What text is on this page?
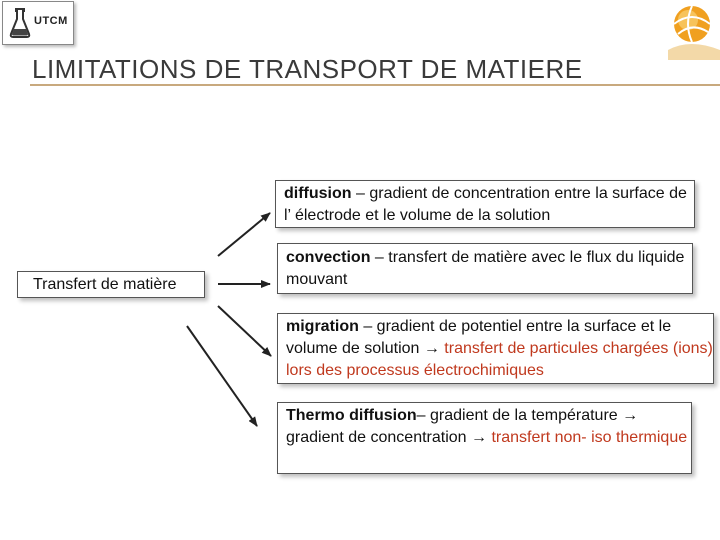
UTCM
LIMITATIONS DE TRANSPORT DE MATIERE
Transfert de matière
diffusion – gradient de concentration entre la surface de l’ électrode et le volume de la solution
convection – transfert de matière avec le flux du liquide mouvant
migration – gradient de potentiel entre la surface et le volume de solution → transfert de particules chargées (ions) lors des processus électrochimiques
Thermo diffusion– gradient de la température → gradient de concentration → transfert non- iso thermique
